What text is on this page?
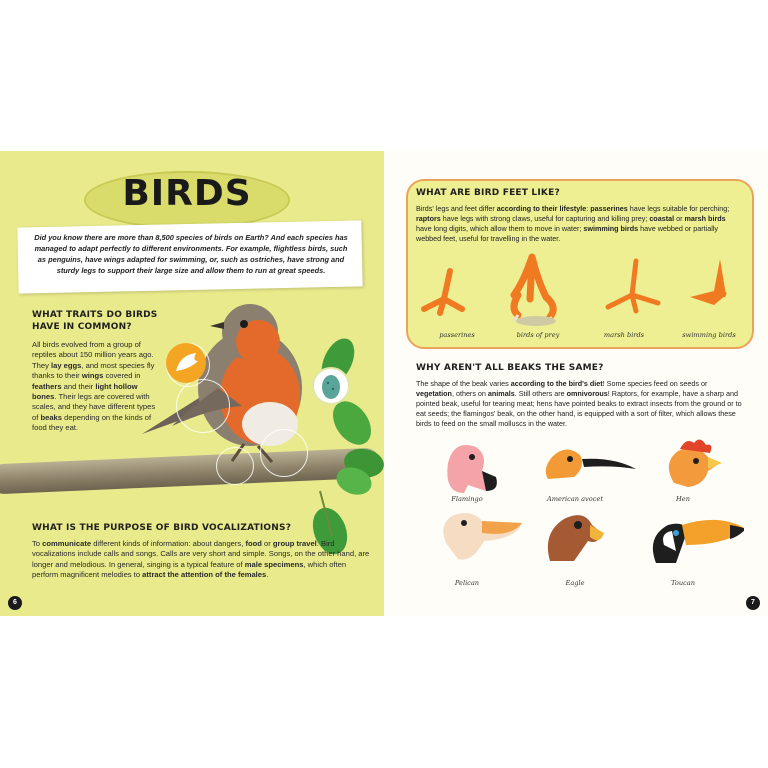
BIRDS
Did you know there are more than 8,500 species of birds on Earth? And each species has managed to adapt perfectly to different environments. For example, flightless birds, such as penguins, have wings adapted for swimming, or, such as ostriches, have strong and sturdy legs to support their large size and allow them to run at great speeds.
WHAT TRAITS DO BIRDS HAVE IN COMMON?
All birds evolved from a group of reptiles about 150 million years ago. They lay eggs, and most species fly thanks to their wings covered in feathers and their light hollow bones. Their legs are covered with scales, and they have different types of beaks depending on the kinds of food they eat.
WHAT IS THE PURPOSE OF BIRD VOCALIZATIONS?
To communicate different kinds of information: about dangers, food or group travel. Bird vocalizations include calls and songs. Calls are very short and simple. Songs, on the other hand, are longer and melodious. In general, singing is a typical feature of male specimens, which often perform magnificent melodies to attract the attention of the females.
6
WHAT ARE BIRD FEET LIKE?
Birds' legs and feet differ according to their lifestyle: passerines have legs suitable for perching; raptors have legs with strong claws, useful for capturing and killing prey; coastal or marsh birds have long digits, which allow them to move in water; swimming birds have webbed or partially webbed feet, useful for travelling in the water.
passerines	birds of prey	marsh birds	swimming birds
WHY AREN'T ALL BEAKS THE SAME?
The shape of the beak varies according to the bird's diet! Some species feed on seeds or vegetation, others on animals. Still others are omnivorous! Raptors, for example, have a sharp and pointed beak, useful for tearing meat; hens have pointed beaks to extract insects from the ground or to eat seeds; the flamingos' beak, on the other hand, is equipped with a sort of filter, which allows these birds to feed on the small molluscs in the water.
Flamingo	American avocet	Hen
Pelican	Eagle	Toucan
7
